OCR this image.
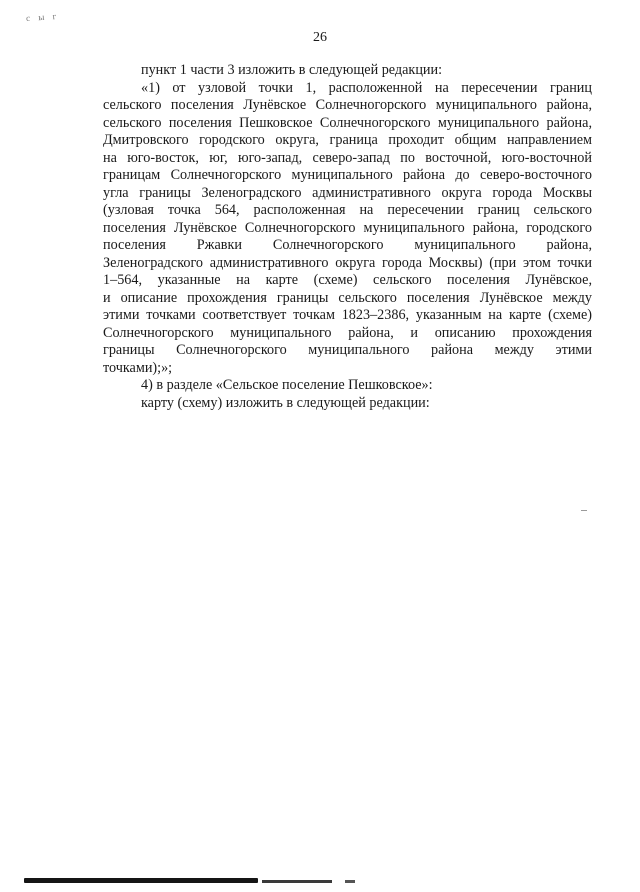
с ы г
26
пункт 1 части 3 изложить в следующей редакции:
«1) от узловой точки 1, расположенной на пересечении границ
сельского поселения Лунёвское Солнечногорского муниципального района,
сельского поселения Пешковское Солнечногорского муниципального района,
Дмитровского городского округа, граница проходит общим направлением
на юго-восток, юг, юго-запад, северо-запад по восточной, юго-восточной
границам Солнечногорского муниципального района до северо-восточного
угла границы Зеленоградского административного округа города Москвы
(узловая точка 564, расположенная на пересечении границ сельского
поселения Лунёвское Солнечногорского муниципального района, городского
поселения Ржавки Солнечногорского муниципального района,
Зеленоградского административного округа города Москвы) (при этом точки
1–564, указанные на карте (схеме) сельского поселения Лунёвское,
и описание прохождения границы сельского поселения Лунёвское между
этими точками соответствует точкам 1823–2386, указанным на карте (схеме)
Солнечногорского муниципального района, и описанию прохождения
границы Солнечногорского муниципального района между этими
точками);»;
4) в разделе «Сельское поселение Пешковское»:
карту (схему) изложить в следующей редакции:
